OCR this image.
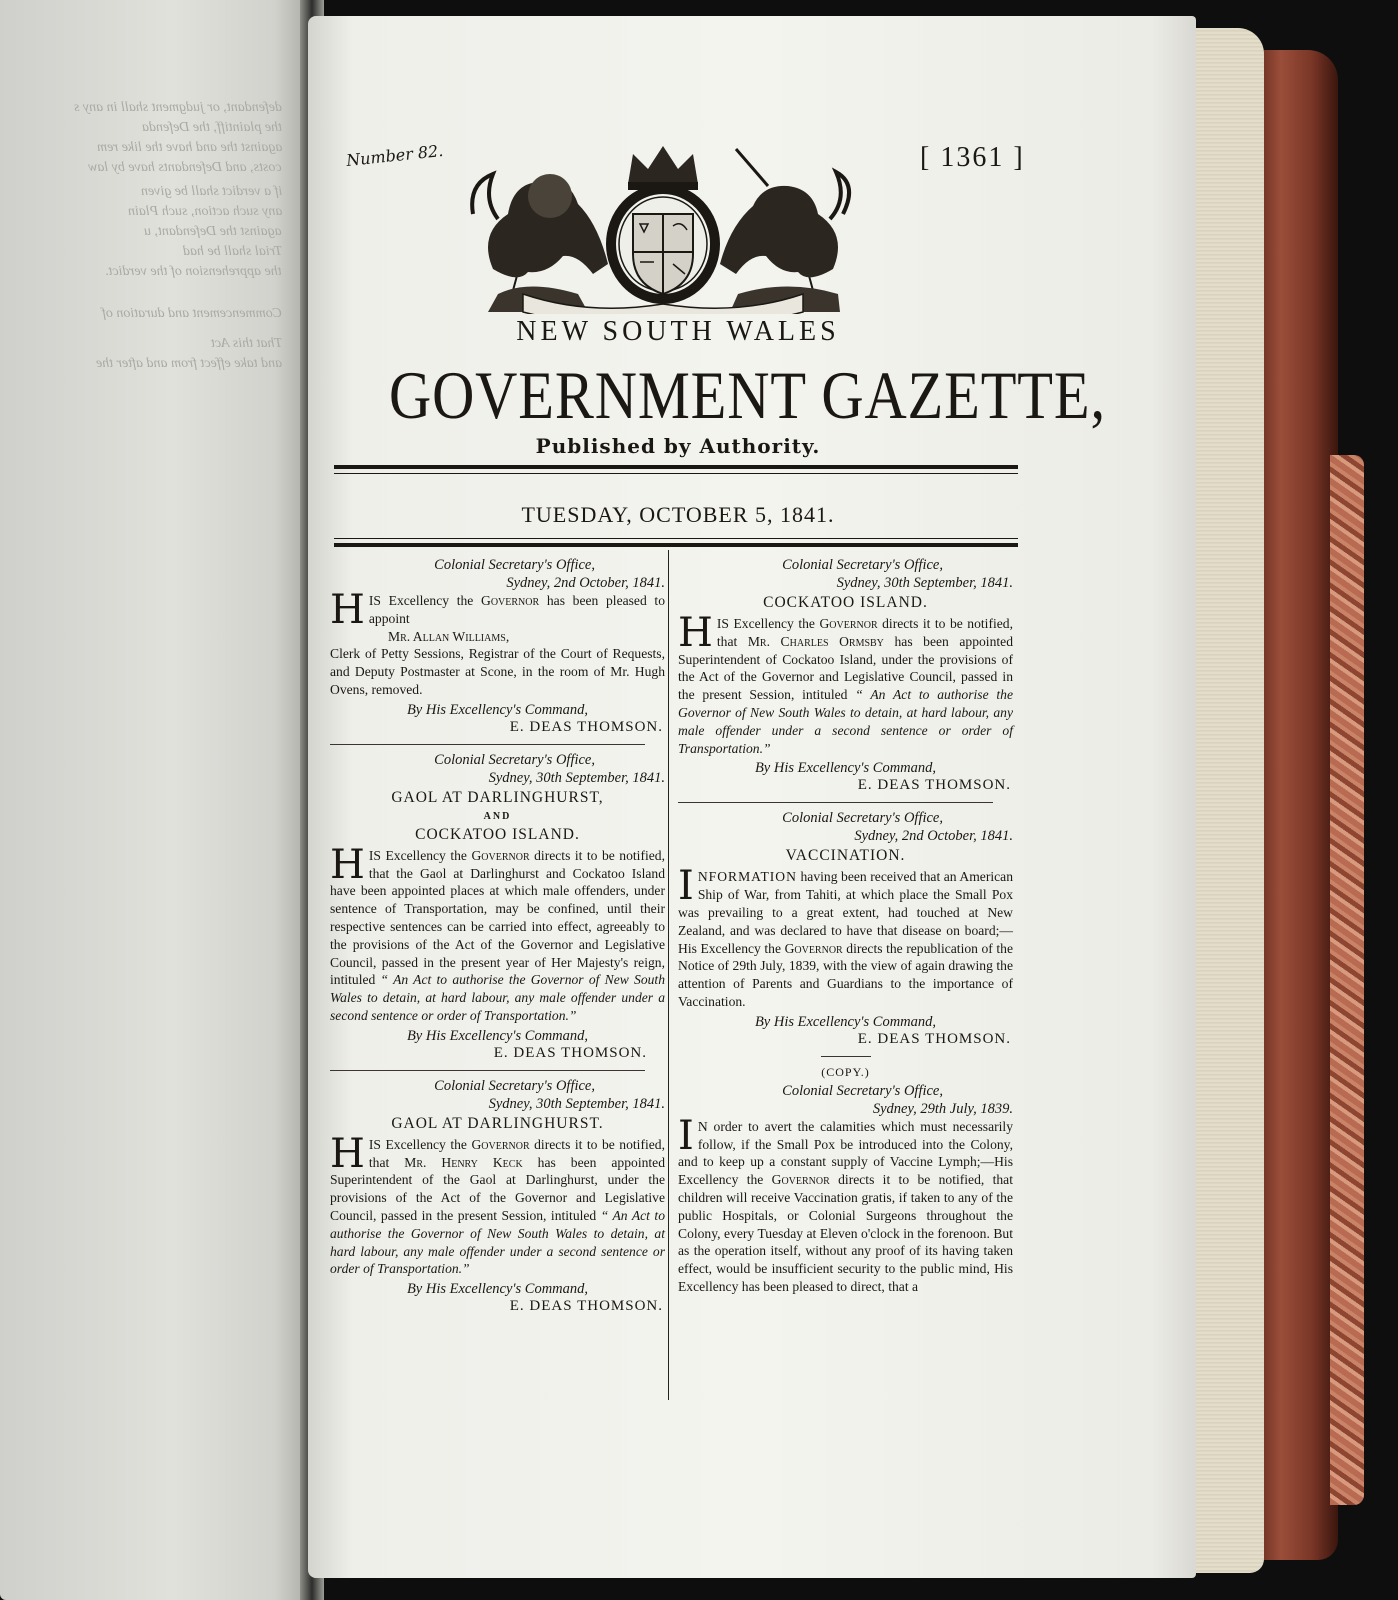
defendant, or judgment shall in any s
the plaintiff, the Defenda
against the and have the like rem
costs, and Defendants have by law
if a verdict shall be given
any such action, such Plain
against the Defendant, u
Trial shall be had
the apprehension of the verdict.
Commencement and duration of
That this Act
and take effect from and after the
Number 82.	[ 1361 ]
NEW SOUTH WALES
GOVERNMENT GAZETTE,
Published by Authority.
TUESDAY, OCTOBER 5, 1841.
Colonial Secretary's Office,
Sydney, 2nd October, 1841.
H IS Excellency the Governor has been pleased to appoint
Mr. Allan Williams,
Clerk of Petty Sessions, Registrar of the Court of Requests, and Deputy Postmaster at Scone, in the room of Mr. Hugh Ovens, removed.
By His Excellency's Command,
E. DEAS THOMSON.
Colonial Secretary's Office,
Sydney, 30th September, 1841.
GAOL AT DARLINGHURST,
AND
COCKATOO ISLAND.
H IS Excellency the Governor directs it to be notified, that the Gaol at Darlinghurst and Cockatoo Island have been appointed places at which male offenders, under sentence of Transportation, may be confined, until their respective sentences can be carried into effect, agreeably to the provisions of the Act of the Governor and Legislative Council, passed in the present year of Her Majesty's reign, intituled “ An Act to authorise the Governor of New South Wales to detain, at hard labour, any male offender under a second sentence or order of Transportation.”
By His Excellency's Command,
E. DEAS THOMSON.
Colonial Secretary's Office,
Sydney, 30th September, 1841.
GAOL AT DARLINGHURST.
H IS Excellency the Governor directs it to be notified, that Mr. Henry Keck has been appointed Superintendent of the Gaol at Darlinghurst, under the provisions of the Act of the Governor and Legislative Council, passed in the present Session, intituled “ An Act to authorise the Governor of New South Wales to detain, at hard labour, any male offender under a second sentence or order of Transportation.”
By His Excellency's Command,
E. DEAS THOMSON.
Colonial Secretary's Office,
Sydney, 30th September, 1841.
COCKATOO ISLAND.
H IS Excellency the Governor directs it to be notified, that Mr. Charles Ormsby has been appointed Superintendent of Cockatoo Island, under the provisions of the Act of the Governor and Legislative Council, passed in the present Session, intituled “ An Act to authorise the Governor of New South Wales to detain, at hard labour, any male offender under a second sentence or order of Transportation.”
By His Excellency's Command,
E. DEAS THOMSON.
Colonial Secretary's Office,
Sydney, 2nd October, 1841.
VACCINATION.
I NFORMATION having been received that an American Ship of War, from Tahiti, at which place the Small Pox was prevailing to a great extent, had touched at New Zealand, and was declared to have that disease on board;—His Excellency the Governor directs the republication of the Notice of 29th July, 1839, with the view of again drawing the attention of Parents and Guardians to the importance of Vaccination.
By His Excellency's Command,
E. DEAS THOMSON.
(COPY.)
Colonial Secretary's Office,
Sydney, 29th July, 1839.
I N order to avert the calamities which must necessarily follow, if the Small Pox be introduced into the Colony, and to keep up a constant supply of Vaccine Lymph;—His Excellency the Governor directs it to be notified, that children will receive Vaccination gratis, if taken to any of the public Hospitals, or Colonial Surgeons throughout the Colony, every Tuesday at Eleven o'clock in the forenoon. But as the operation itself, without any proof of its having taken effect, would be insufficient security to the public mind, His Excellency has been pleased to direct, that a
